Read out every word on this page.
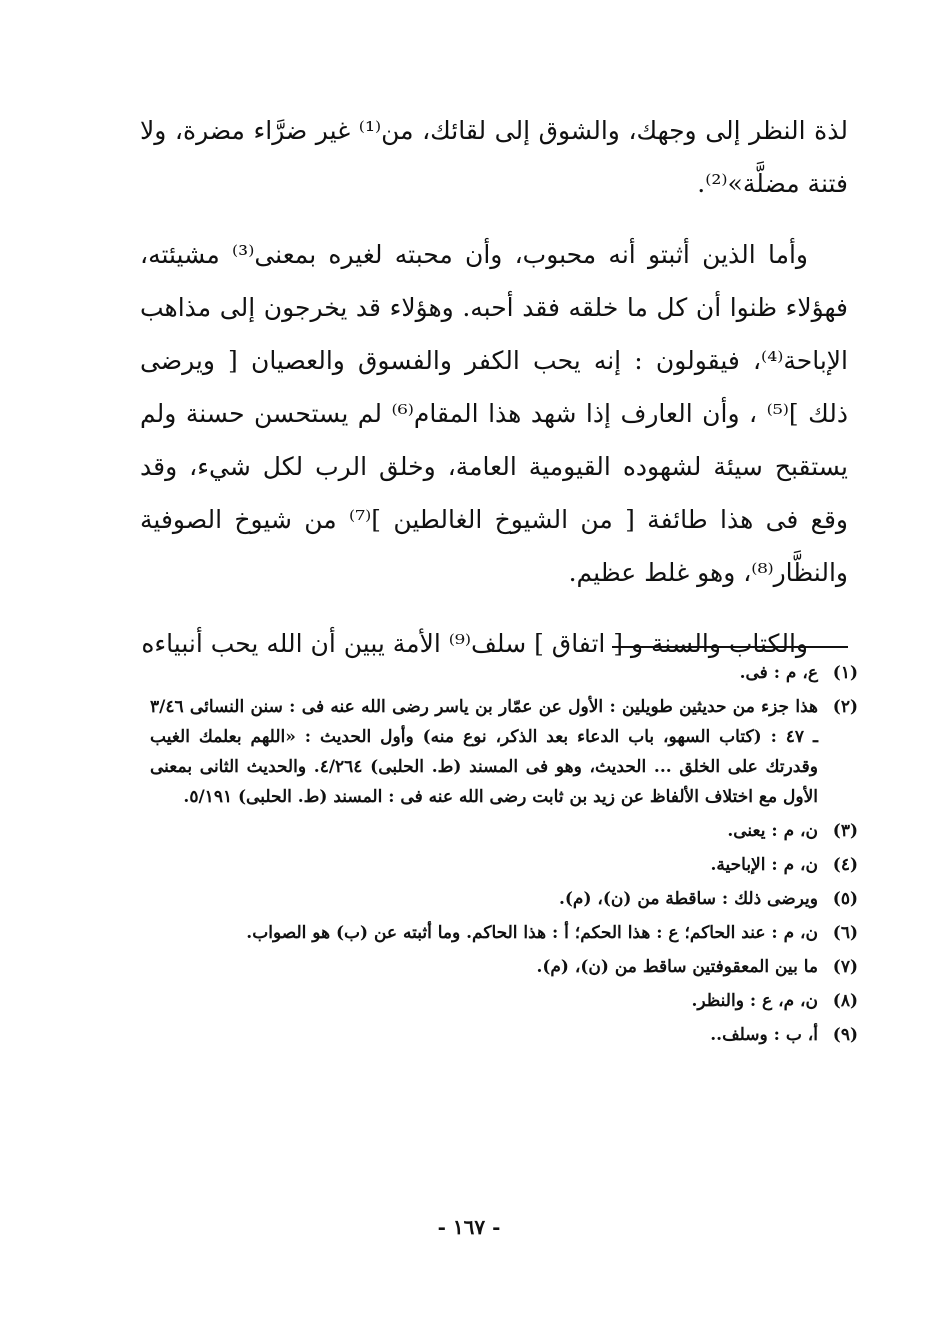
لذة النظر إلى وجهك، والشوق إلى لقائك، من⁽¹⁾ غير ضرَّاء مضرة، ولا فتنة مضلَّة»⁽²⁾.

وأما الذين أثبتو أنه محبوب، وأن محبته لغيره بمعنى⁽³⁾ مشيئته، فهؤلاء ظنوا أن كل ما خلقه فقد أحبه. وهؤلاء قد يخرجون إلى مذاهب الإباحة⁽⁴⁾، فيقولون : إنه يحب الكفر والفسوق والعصيان [ ويرضى ذلك ]⁽⁵⁾ ، وأن العارف إذا شهد هذا المقام⁽⁶⁾ لم يستحسن حسنة ولم يستقبح سيئة لشهوده القيومية العامة، وخلق الرب لكل شيء، وقد وقع فى هذا طائفة [ من الشيوخ الغالطين ]⁽⁷⁾ من شيوخ الصوفية والنظَّار⁽⁸⁾، وهو غلط عظيم.

والكتاب والسنة و [ اتفاق ] سلف⁽⁹⁾ الأمة يبين أن الله يحب أنبياءه

(١)
ع، م : فى.
(٢)
هذا جزء من حديثين طويلين : الأول عن عمّار بن ياسر رضى الله عنه فى : سنن النسائى ٣/٤٦ ـ ٤٧ : (كتاب السهو، باب الدعاء بعد الذكر، نوع منه) وأول الحديث : «اللهم بعلمك الغيب وقدرتك على الخلق ... الحديث، وهو فى المسند (ط. الحلبى) ٤/٢٦٤. والحديث الثانى بمعنى الأول مع اختلاف الألفاظ عن زيد بن ثابت رضى الله عنه فى : المسند (ط. الحلبى) ٥/١٩١.
(٣)
ن، م : يعنى.
(٤)
ن، م : الإباحية.
(٥)
ويرضى ذلك : ساقطة من (ن)، (م).
(٦)
ن، م : عند الحاكم؛ ع : هذا الحكم؛ أ : هذا الحاكم. وما أثبته عن (ب) هو الصواب.
(٧)
ما بين المعقوفتين ساقط من (ن)، (م).
(٨)
ن، م، ع : والنظر.
(٩)
أ، ب : وسلف..
- ١٦٧ -
